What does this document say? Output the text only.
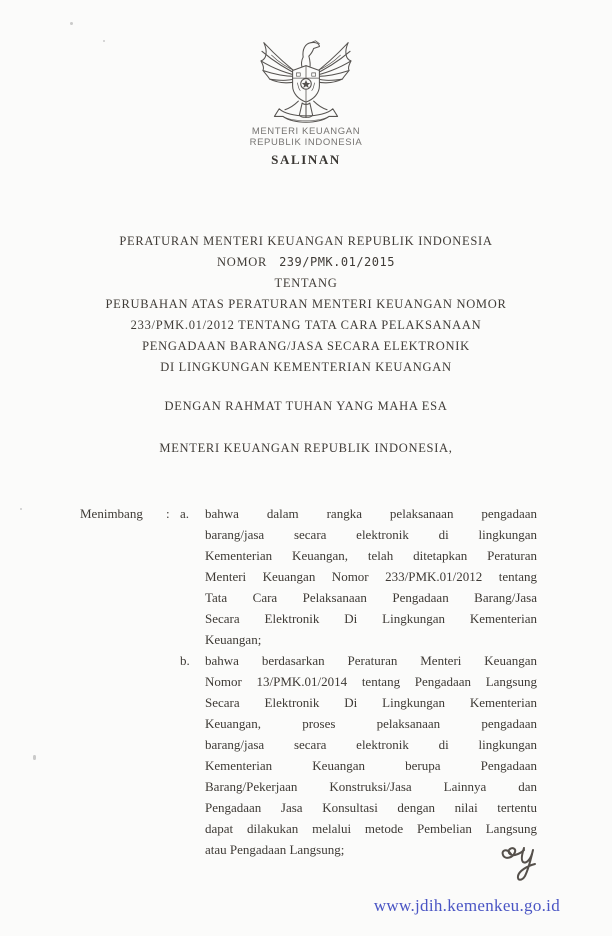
MENTERI KEUANGAN
REPUBLIK INDONESIA
SALINAN
PERATURAN MENTERI KEUANGAN REPUBLIK INDONESIA
NOMOR 239/PMK.01/2015
TENTANG
PERUBAHAN ATAS PERATURAN MENTERI KEUANGAN NOMOR
233/PMK.01/2012 TENTANG TATA CARA PELAKSANAAN
PENGADAAN BARANG/JASA SECARA ELEKTRONIK
DI LINGKUNGAN KEMENTERIAN KEUANGAN
DENGAN RAHMAT TUHAN YANG MAHA ESA
MENTERI KEUANGAN REPUBLIK INDONESIA,
Menimbang : a. bahwa dalam rangka pelaksanaan pengadaan
barang/jasa secara elektronik di lingkungan
Kementerian Keuangan, telah ditetapkan Peraturan
Menteri Keuangan Nomor 233/PMK.01/2012 tentang
Tata Cara Pelaksanaan Pengadaan Barang/Jasa
Secara Elektronik Di Lingkungan Kementerian
Keuangan;
b. bahwa berdasarkan Peraturan Menteri Keuangan
Nomor 13/PMK.01/2014 tentang Pengadaan Langsung
Secara Elektronik Di Lingkungan Kementerian
Keuangan, proses pelaksanaan pengadaan
barang/jasa secara elektronik di lingkungan
Kementerian Keuangan berupa Pengadaan
Barang/Pekerjaan Konstruksi/Jasa Lainnya dan
Pengadaan Jasa Konsultasi dengan nilai tertentu
dapat dilakukan melalui metode Pembelian Langsung
atau Pengadaan Langsung;
www.jdih.kemenkeu.go.id
